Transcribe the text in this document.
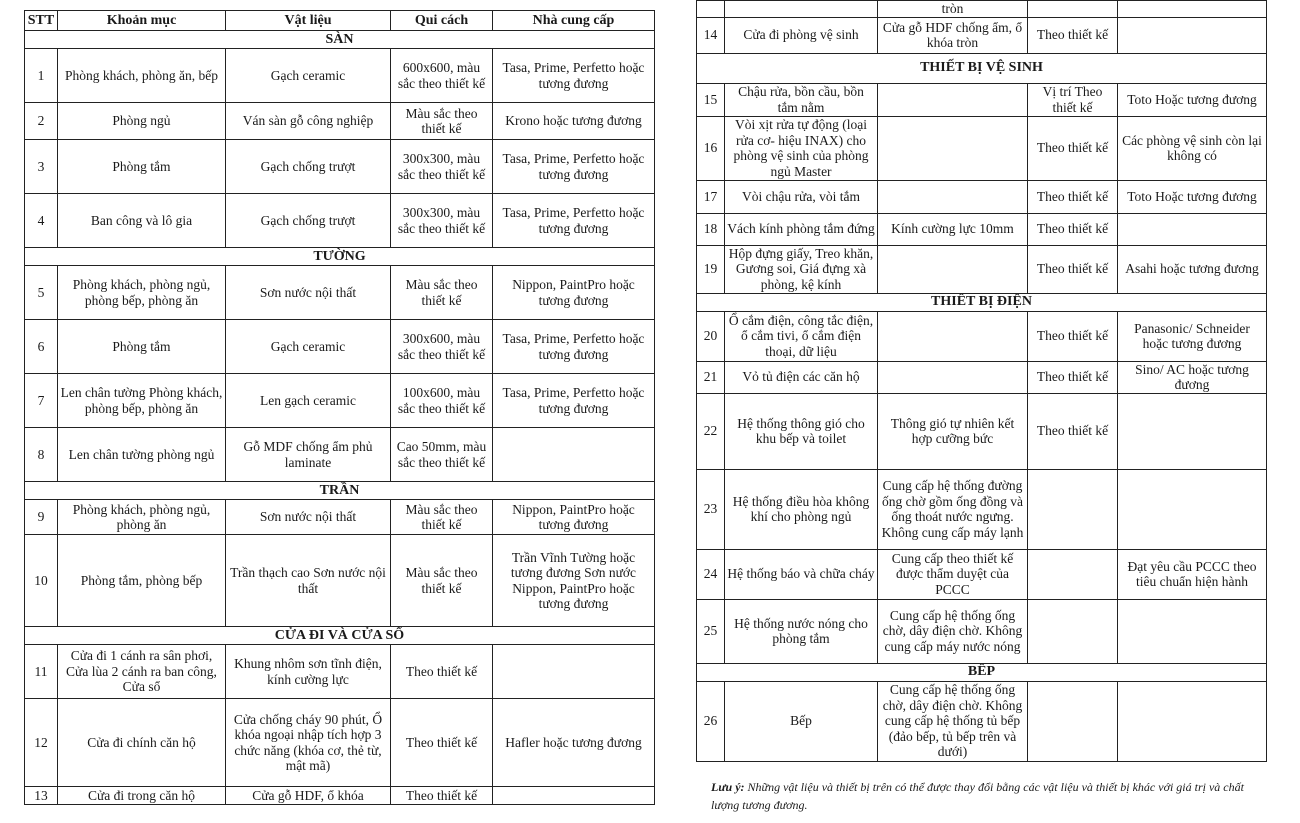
STT	Khoản mục	Vật liệu	Qui cách	Nhà cung cấp
SÀN				
1	Phòng khách, phòng ăn, bếp	Gạch ceramic	600x600, màu sắc theo thiết kế	Tasa, Prime, Perfetto hoặc tương đương
2	Phòng ngủ	Ván sàn gỗ công nghiệp	Màu sắc theo thiết kế	Krono hoặc tương đương
3	Phòng tắm	Gạch chống trượt	300x300, màu sắc theo thiết kế	Tasa, Prime, Perfetto hoặc tương đương
4	Ban công và lô gia	Gạch chống trượt	300x300, màu sắc theo thiết kế	Tasa, Prime, Perfetto hoặc tương đương
TƯỜNG				
5	Phòng khách, phòng ngủ, phòng bếp, phòng ăn	Sơn nước nội thất	Màu sắc theo thiết kế	Nippon, PaintPro hoặc tương đương
6	Phòng tắm	Gạch ceramic	300x600, màu sắc theo thiết kế	Tasa, Prime, Perfetto hoặc tương đương
7	Len chân tường Phòng khách, phòng bếp, phòng ăn	Len gạch ceramic	100x600, màu sắc theo thiết kế	Tasa, Prime, Perfetto hoặc tương đương
8	Len chân tường phòng ngủ	Gỗ MDF chống ẩm phủ laminate	Cao 50mm, màu sắc theo thiết kế	
TRẦN				
9	Phòng khách, phòng ngủ, phòng ăn	Sơn nước nội thất	Màu sắc theo thiết kế	Nippon, PaintPro hoặc tương đương
10	Phòng tắm, phòng bếp	Trần thạch cao Sơn nước nội thất	Màu sắc theo thiết kế	Trần Vĩnh Tường hoặc tương đương Sơn nước Nippon, PaintPro hoặc tương đương
CỬA ĐI VÀ CỬA SỔ				
11	Cửa đi 1 cánh ra sân phơi, Cửa lùa 2 cánh ra ban công, Cửa sổ	Khung nhôm sơn tĩnh điện, kính cường lực	Theo thiết kế	
12	Cửa đi chính căn hộ	Cửa chống cháy 90 phút, Ổ khóa ngoại nhập tích hợp 3 chức năng (khóa cơ, thẻ từ, mật mã)	Theo thiết kế	Hafler hoặc tương đương
13	Cửa đi trong căn hộ	Cửa gỗ HDF, ổ khóa	Theo thiết kế	
		tròn		
14	Cửa đi phòng vệ sinh	Cửa gỗ HDF chống ẩm, ổ khóa tròn	Theo thiết kế	
THIẾT BỊ VỆ SINH				
15	Chậu rửa, bồn cầu, bồn tắm nằm		Vị trí Theo thiết kế	Toto Hoặc tương đương
16	Vòi xịt rửa tự động (loại rửa cơ- hiệu INAX) cho phòng vệ sinh của phòng ngủ Master		Theo thiết kế	Các phòng vệ sinh còn lại không có
17	Vòi chậu rửa, vòi tắm		Theo thiết kế	Toto Hoặc tương đương
18	Vách kính phòng tắm đứng	Kính cường lực 10mm	Theo thiết kế	
19	Hộp đựng giấy, Treo khăn, Gương soi, Giá đựng xà phòng, kệ kính		Theo thiết kế	Asahi hoặc tương đương
THIẾT BỊ ĐIỆN				
20	Ổ cắm điện, công tắc điện, ổ cắm tivi, ổ cắm điện thoại, dữ liệu		Theo thiết kế	Panasonic/ Schneider hoặc tương đương
21	Vỏ tủ điện các căn hộ		Theo thiết kế	Sino/ AC hoặc tương đương
22	Hệ thống thông gió cho khu bếp và toilet	Thông gió tự nhiên kết hợp cưỡng bức	Theo thiết kế	
23	Hệ thống điều hòa không khí cho phòng ngủ	Cung cấp hệ thống đường ống chờ gồm ống đồng và ống thoát nước ngưng. Không cung cấp máy lạnh		
24	Hệ thống báo và chữa cháy	Cung cấp theo thiết kế được thẩm duyệt của PCCC		Đạt yêu cầu PCCC theo tiêu chuẩn hiện hành
25	Hệ thống nước nóng cho phòng tắm	Cung cấp hệ thống ống chờ, dây điện chờ. Không cung cấp máy nước nóng		
BẾP				
26	Bếp	Cung cấp hệ thống ống chờ, dây điện chờ. Không cung cấp hệ thống tủ bếp (đảo bếp, tủ bếp trên và dưới)		
Lưu ý: Những vật liệu và thiết bị trên có thể được thay đổi bằng các vật liệu và thiết bị khác với giá trị và chất lượng tương đương.
